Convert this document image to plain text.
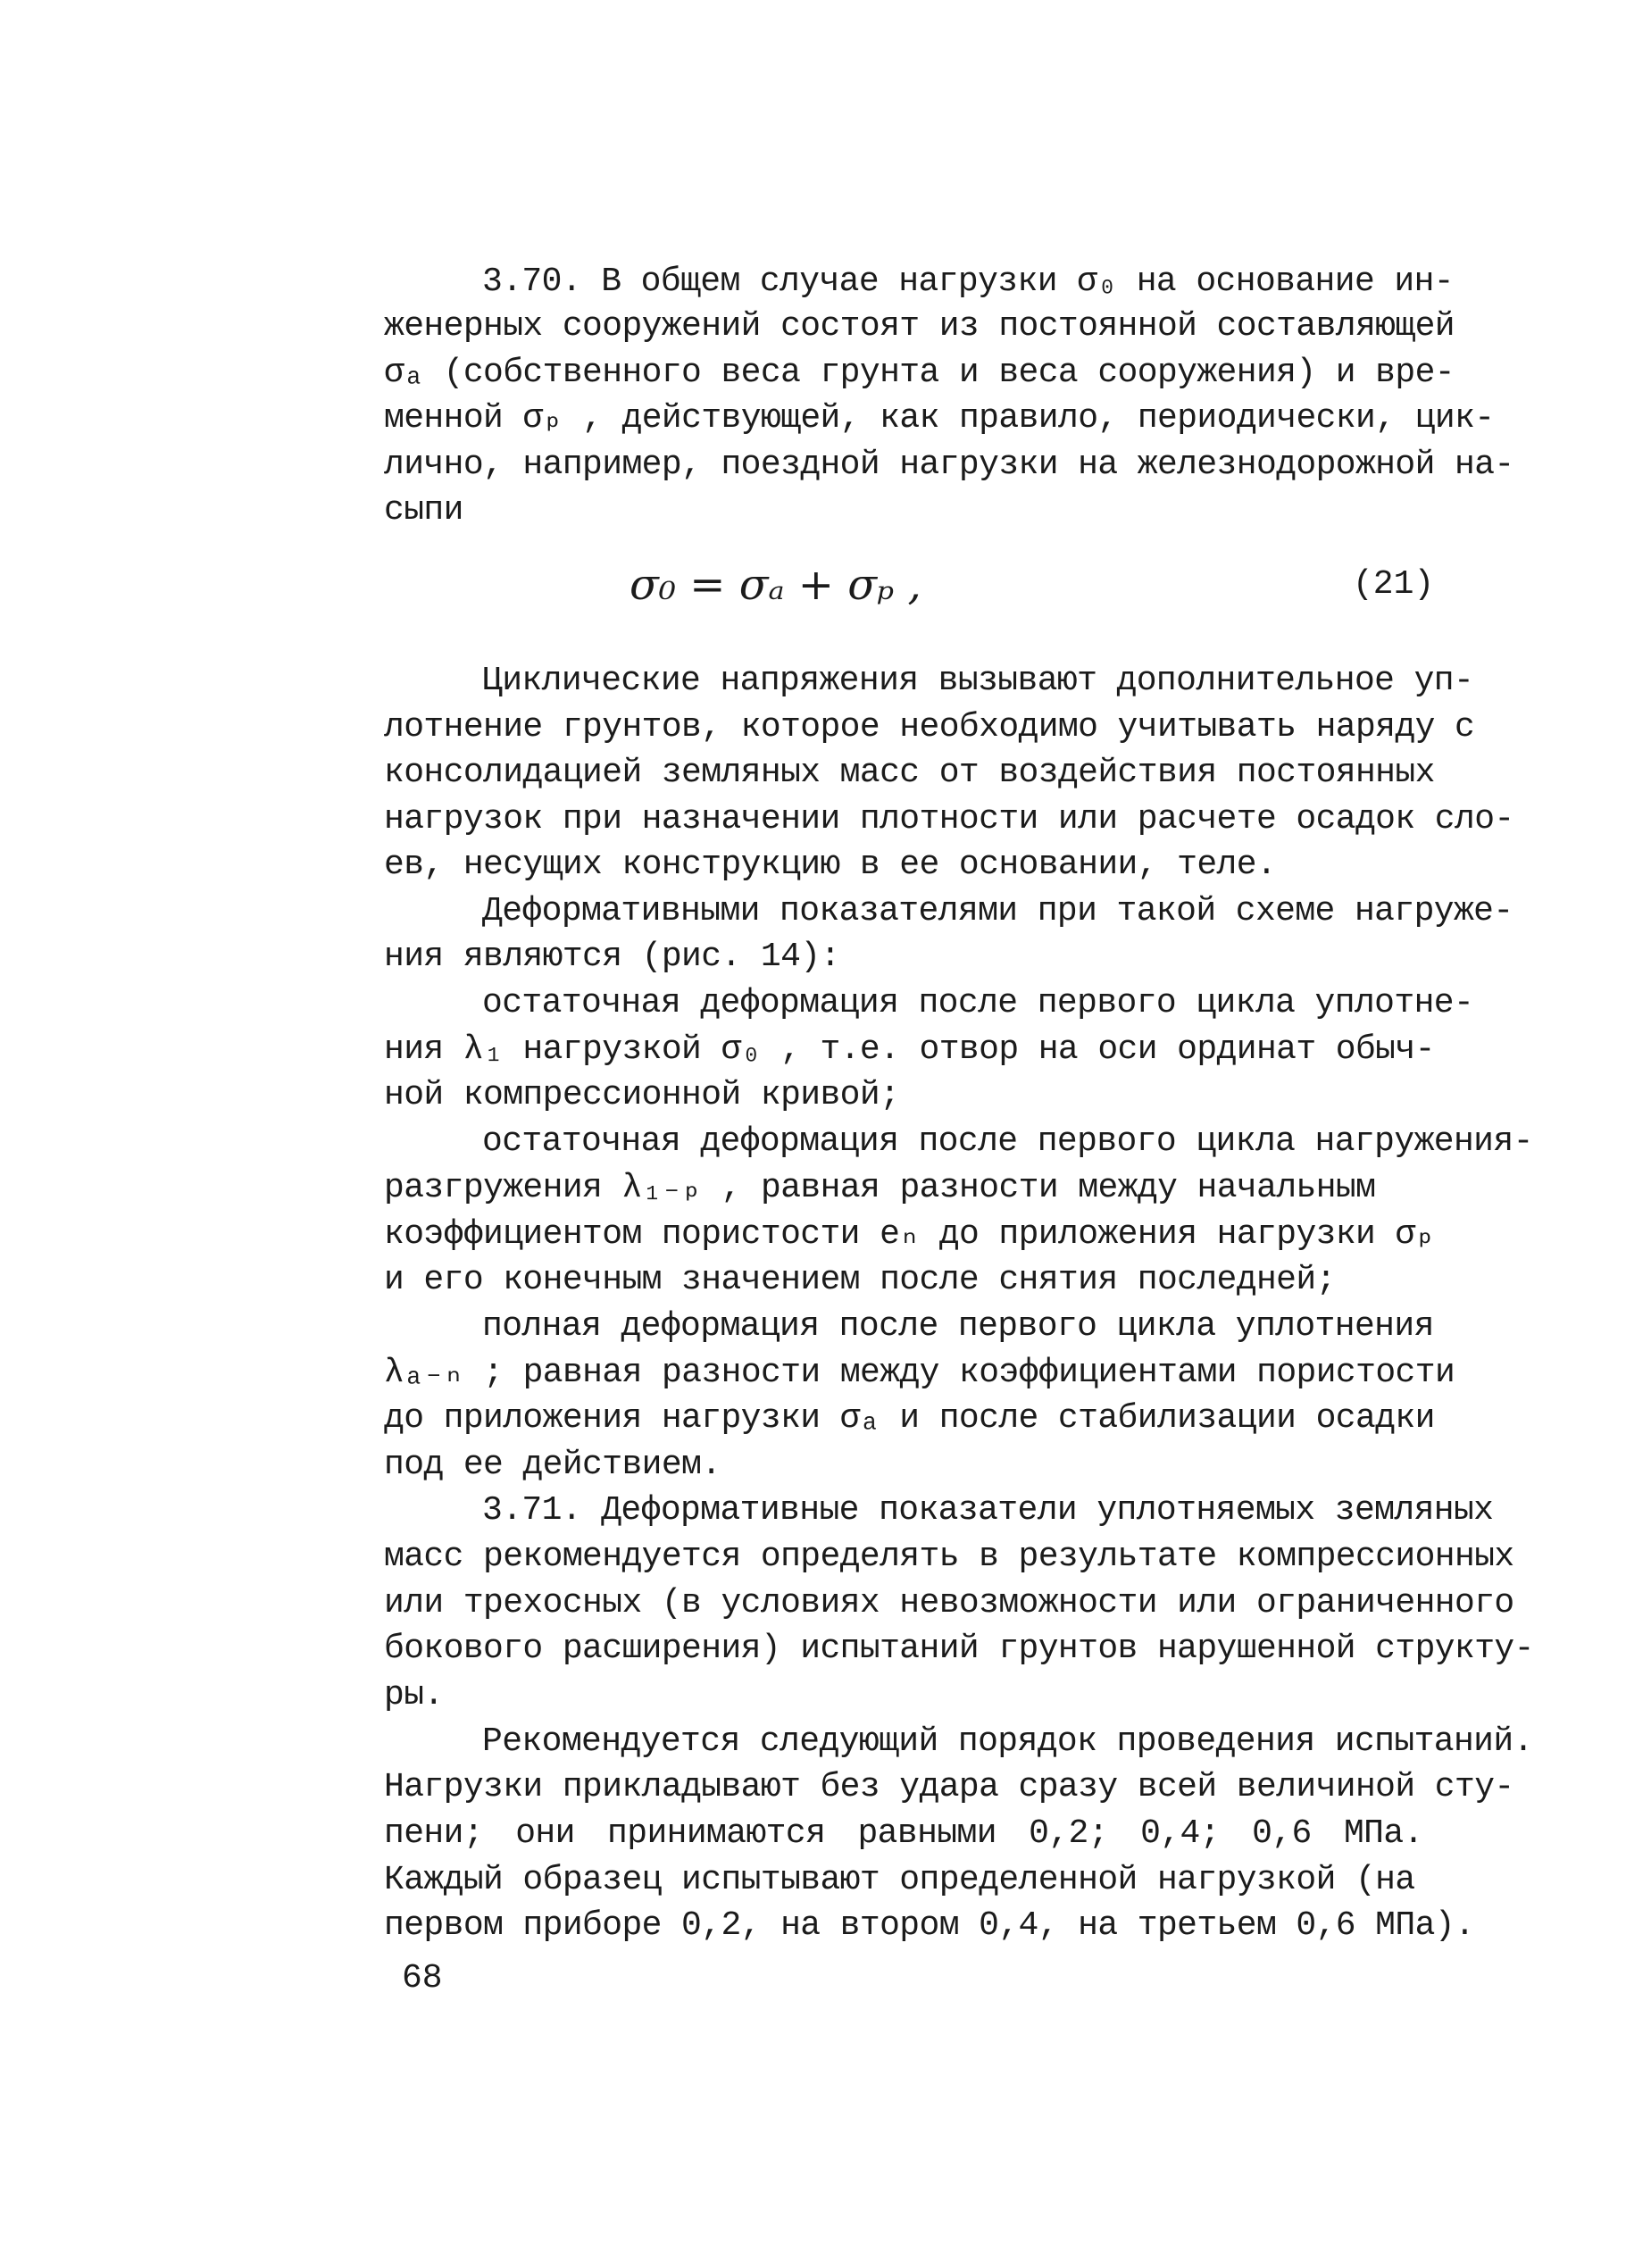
3.70. В общем случае нагрузки σ₀ на основание ин-

женерных сооружений состоят из постоянной составляющей

σₐ (собственного веса грунта и веса сооружения) и вре-

менной σₚ , действующей, как правило, периодически, цик-

лично, например, поездной нагрузки на железнодорожной на-

сыпи

σ₀ = σₐ + σₚ ,	(21)

Циклические напряжения вызывают дополнительное уп-

лотнение грунтов, которое необходимо учитывать наряду с

консолидацией земляных масс от воздействия постоянных

нагрузок при назначении плотности или расчете осадок сло-

ев, несущих конструкцию в ее основании, теле.

Деформативными показателями при такой схеме нагруже-

ния являются (рис. 14):

остаточная деформация после первого цикла уплотне-

ния λ₁ нагрузкой σ₀ , т.е. отвор на оси ординат обыч-

ной компрессионной кривой;

остаточная деформация после первого цикла нагружения-

разгружения λ₁₋ₚ , равная разности между начальным

коэффициентом пористости eₙ до приложения нагрузки σₚ

и его конечным значением после снятия последней;

полная деформация после первого цикла уплотнения

λₐ₋ₙ ; равная разности между коэффициентами пористости

до приложения нагрузки σₐ и после стабилизации осадки

под ее действием.

3.71. Деформативные показатели уплотняемых земляных

масс рекомендуется определять в результате компрессионных

или трехосных (в условиях невозможности или ограниченного

бокового расширения) испытаний грунтов нарушенной структу-

ры.

Рекомендуется следующий порядок проведения испытаний.

Нагрузки прикладывают без удара сразу всей величиной сту-

пени; они принимаются равными 0,2; 0,4; 0,6 МПа.

Каждый образец испытывают определенной нагрузкой (на

первом приборе 0,2, на втором 0,4, на третьем 0,6 МПа).

68
